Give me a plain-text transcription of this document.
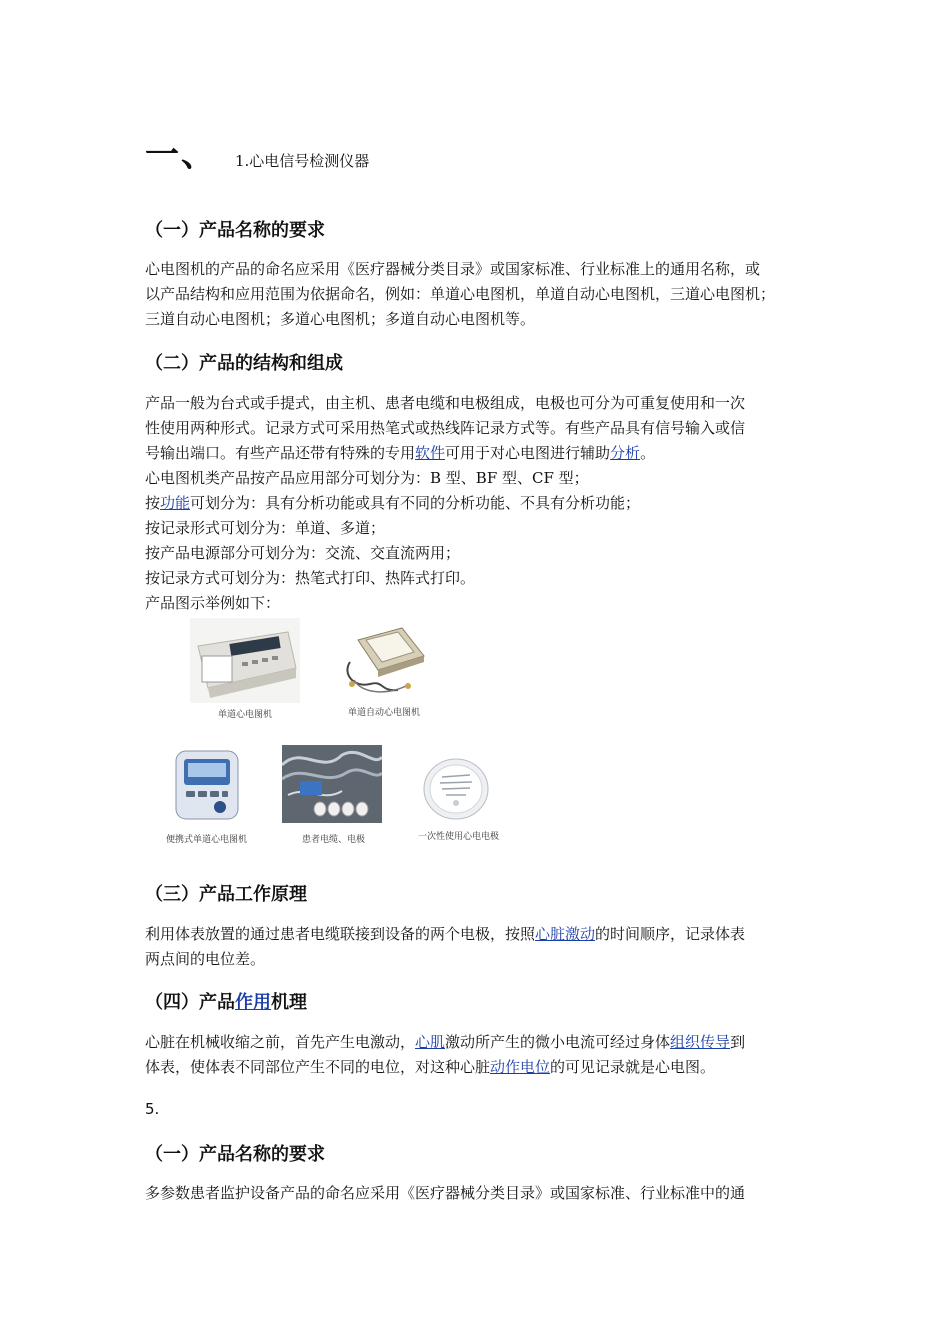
一、 1.心电信号检测仪器
（一）产品名称的要求

心电图机的产品的命名应采用《医疗器械分类目录》或国家标准、行业标准上的通用名称，或

以产品结构和应用范围为依据命名，例如：单道心电图机，单道自动心电图机，三道心电图机；

三道自动心电图机；多道心电图机；多道自动心电图机等。

（二）产品的结构和组成

产品一般为台式或手提式，由主机、患者电缆和电极组成，电极也可分为可重复使用和一次

性使用两种形式。记录方式可采用热笔式或热线阵记录方式等。有些产品具有信号输入或信

号输出端口。有些产品还带有特殊的专用软件可用于对心电图进行辅助分析。

心电图机类产品按产品应用部分可划分为：B 型、BF 型、CF 型；

按功能可划分为：具有分析功能或具有不同的分析功能、不具有分析功能；

按记录形式可划分为：单道、多道；

按产品电源部分可划分为：交流、交直流两用；

按记录方式可划分为：热笔式打印、热阵式打印。

产品图示举例如下：

单道心电图机	单道自动心电图机
便携式单道心电图机	患者电缆、电极	一次性使用心电电极
（三）产品工作原理

利用体表放置的通过患者电缆联接到设备的两个电极，按照心脏激动的时间顺序，记录体表

两点间的电位差。

（四）产品作用机理

心脏在机械收缩之前，首先产生电激动，心肌激动所产生的微小电流可经过身体组织传导到

体表，使体表不同部位产生不同的电位，对这种心脏动作电位的可见记录就是心电图。

5.
（一）产品名称的要求

多参数患者监护设备产品的命名应采用《医疗器械分类目录》或国家标准、行业标准中的通
